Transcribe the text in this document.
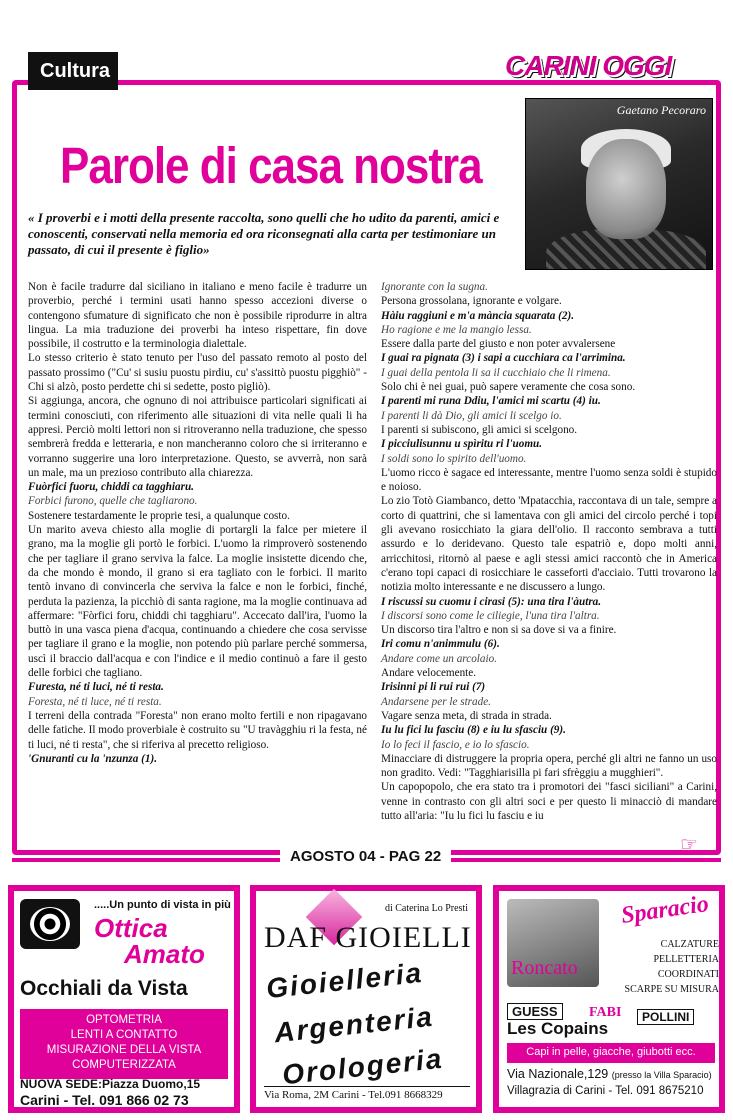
Cultura	CARINI OGGI
Gaetano Pecoraro
Parole di casa nostra
« I proverbi e i motti della presente raccolta, sono quelli che ho udito da parenti, amici e conoscenti, conservati nella memoria ed ora riconsegnati alla carta per testimoniare un passato, di cui il presente è figlio»

Non è facile tradurre dal siciliano in italiano e meno facile è tradurre un proverbio, perché i termini usati hanno spesso accezioni diverse o contengono sfumature di significato che non è possibile riprodurre in altra lingua. La mia traduzione dei proverbi ha inteso rispettare, fin dove possibile, il costrutto e la terminologia dialettale.

Lo stesso criterio è stato tenuto per l'uso del passato remoto al posto del passato prossimo ("Cu' si susiu puostu pirdiu, cu' s'assittò puostu pigghiò" - Chi si alzò, posto perdette chi si sedette, posto pigliò).

Si aggiunga, ancora, che ognuno di noi attribuisce particolari significati ai termini conosciuti, con riferimento alle situazioni di vita nelle quali li ha appresi. Perciò molti lettori non si ritroveranno nella traduzione, che spesso sembrerà fredda e letteraria, e non mancheranno coloro che si irriteranno e vorranno suggerire una loro interpretazione. Questo, se avverrà, non sarà un male, ma un prezioso contributo alla chiarezza.

Fuòrfici fuoru, chiddi ca tagghiaru.

Forbici furono, quelle che tagliarono.

Sostenere testardamente le proprie tesi, a qualunque costo.

Un marito aveva chiesto alla moglie di portargli la falce per mietere il grano, ma la moglie gli portò le forbici. L'uomo la rimproverò sostenendo che per tagliare il grano serviva la falce. La moglie insistette dicendo che, da che mondo è mondo, il grano si era tagliato con le forbici. Il marito tentò invano di convincerla che serviva la falce e non le forbici, finché, perduta la pazienza, la picchiò di santa ragione, ma la moglie continuava ad affermare: "Fòrfici foru, chiddi chi tagghiaru". Accecato dall'ira, l'uomo la buttò in una vasca piena d'acqua, continuando a chiedere che cosa servisse per tagliare il grano e la moglie, non potendo più parlare perché sommersa, uscì il braccio dall'acqua e con l'indice e il medio continuò a fare il gesto delle forbici che tagliano.

Furesta, né ti luci, né ti resta.

Foresta, né ti luce, né ti resta.

I terreni della contrada "Foresta" non erano molto fertili e non ripagavano delle fatiche. Il modo proverbiale è costruito su "U travàgghiu ri la festa, né ti luci, né ti resta", che si riferiva al precetto religioso.

'Gnuranti cu la 'nzunza (1).

Ignorante con la sugna.

Persona grossolana, ignorante e volgare.

Hàiu raggiuni e m'a mància squarata (2).

Ho ragione e me la mangio lessa.

Essere dalla parte del giusto e non poter avvalersene

I guai ra pignata (3) i sapi a cucchiara ca l'arrimina.

I guai della pentola li sa il cucchiaio che li rimena.

Solo chi è nei guai, può sapere veramente che cosa sono.

I parenti mi runa Ddiu, l'amici mi scartu (4) iu.

I parenti li dà Dio, gli amici li scelgo io.

I parenti si subiscono, gli amici si scelgono.

I picciulisunnu u spìritu ri l'uomu.

I soldi sono lo spirito dell'uomo.

L'uomo ricco è sagace ed interessante, mentre l'uomo senza soldi è stupido e noioso.

Lo zio Totò Giambanco, detto 'Mpatacchia, raccontava di un tale, sempre a corto di quattrini, che si lamentava con gli amici del circolo perché i topi gli avevano rosicchiato la giara dell'olio. Il racconto sembrava a tutti assurdo e lo deridevano. Questo tale espatriò e, dopo molti anni, arricchitosi, ritornò al paese e agli stessi amici raccontò che in America c'erano topi capaci di rosicchiare le casseforti d'acciaio. Tutti trovarono la notizia molto interessante e ne discussero a lungo.

I riscussi su cuomu i cirasi (5): una tira l'àutra.

I discorsi sono come le ciliegie, l'una tira l'altra.

Un discorso tira l'altro e non si sa dove si va a finire.

Iri comu n'animmulu (6).

Andare come un arcolaio.

Andare velocemente.

Irisinni pi li rui rui (7)

Andarsene per le strade.

Vagare senza meta, di strada in strada.

Iu lu fici lu fasciu (8) e iu lu sfasciu (9).

Io lo feci il fascio, e io lo sfascio.

Minacciare di distruggere la propria opera, perché gli altri ne fanno un uso non gradito. Vedi: "Tagghiarisilla pi fari sfrèggiu a mugghieri".

Un capopopolo, che era stato tra i promotori dei "fasci siciliani" a Carini, venne in contrasto con gli altri soci e per questo li minacciò di mandare tutto all'aria: "Iu lu fici lu fasciu e iu

☞
AGOSTO 04 - PAG 22
.....Un punto di vista in più
Ottica
Amato
Occhiali da Vista
OPTOMETRIA
LENTI A CONTATTO
MISURAZIONE DELLA VISTA
COMPUTERIZZATA
NUOVA SEDE:Piazza Duomo,15
Carini - Tel. 091 866 02 73
di Caterina Lo Presti
DAF GIOIELLI
Gioielleria
Argenteria
Orologeria
Via Roma, 2M Carini - Tel.091 8668329
Roncato
Sparacio
CALZATURE
PELLETTERIA
COORDINATI
SCARPE SU MISURA
GUESS
Les Copains
FABI	POLLINI
Capi in pelle, giacche, giubotti ecc.
Via Nazionale,129 (presso la Villa Sparacio)
Villagrazia di Carini - Tel. 091 8675210
